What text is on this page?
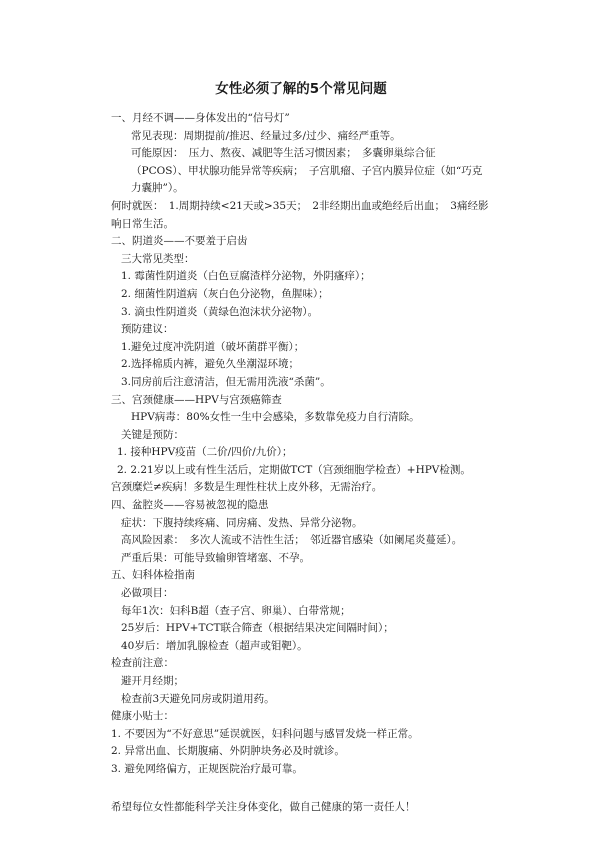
女性必须了解的5个常见问题
一、月经不调——身体发出的“信号灯”
常见表现：周期提前/推迟、经量过多/过少、痛经严重等。
可能原因：　压力、熬夜、减肥等生活习惯因素；　多囊卵巢综合征（PCOS）、甲状腺功能异常等疾病；　子宫肌瘤、子宫内膜异位症（如“巧克力囊肿”）。
何时就医：　1.周期持续<21天或>35天；　2非经期出血或绝经后出血；　3痛经影响日常生活。
二、阴道炎——不要羞于启齿
三大常见类型：
1. 霉菌性阴道炎（白色豆腐渣样分泌物，外阴瘙痒）；
2. 细菌性阴道病（灰白色分泌物，鱼腥味）；
3. 滴虫性阴道炎（黄绿色泡沫状分泌物）。
预防建议：
1.避免过度冲洗阴道（破坏菌群平衡）；
2.选择棉质内裤，避免久坐潮湿环境；
3.同房前后注意清洁，但无需用洗液“杀菌”。
三、宫颈健康——HPV与宫颈癌筛查
HPV病毒：80%女性一生中会感染，多数靠免疫力自行清除。
关键是预防：
1. 接种HPV疫苗（二价/四价/九价）；
2. 2.21岁以上或有性生活后，定期做TCT（宫颈细胞学检查）+HPV检测。
宫颈糜烂≠疾病！多数是生理性柱状上皮外移，无需治疗。
四、盆腔炎——容易被忽视的隐患
症状：下腹持续疼痛、同房痛、发热、异常分泌物。
高风险因素：　多次人流或不洁性生活；　邻近器官感染（如阑尾炎蔓延）。
严重后果：可能导致输卵管堵塞、不孕。
五、妇科体检指南
必做项目：
每年1次：妇科B超（查子宫、卵巢）、白带常规；
25岁后：HPV+TCT联合筛查（根据结果决定间隔时间）；
40岁后：增加乳腺检查（超声或钼靶）。
检查前注意：
避开月经期；
检查前3天避免同房或阴道用药。
健康小贴士：
1. 不要因为“不好意思”延误就医，妇科问题与感冒发烧一样正常。
2. 异常出血、长期腹痛、外阴肿块务必及时就诊。
3. 避免网络偏方，正规医院治疗最可靠。
希望每位女性都能科学关注身体变化，做自己健康的第一责任人！
